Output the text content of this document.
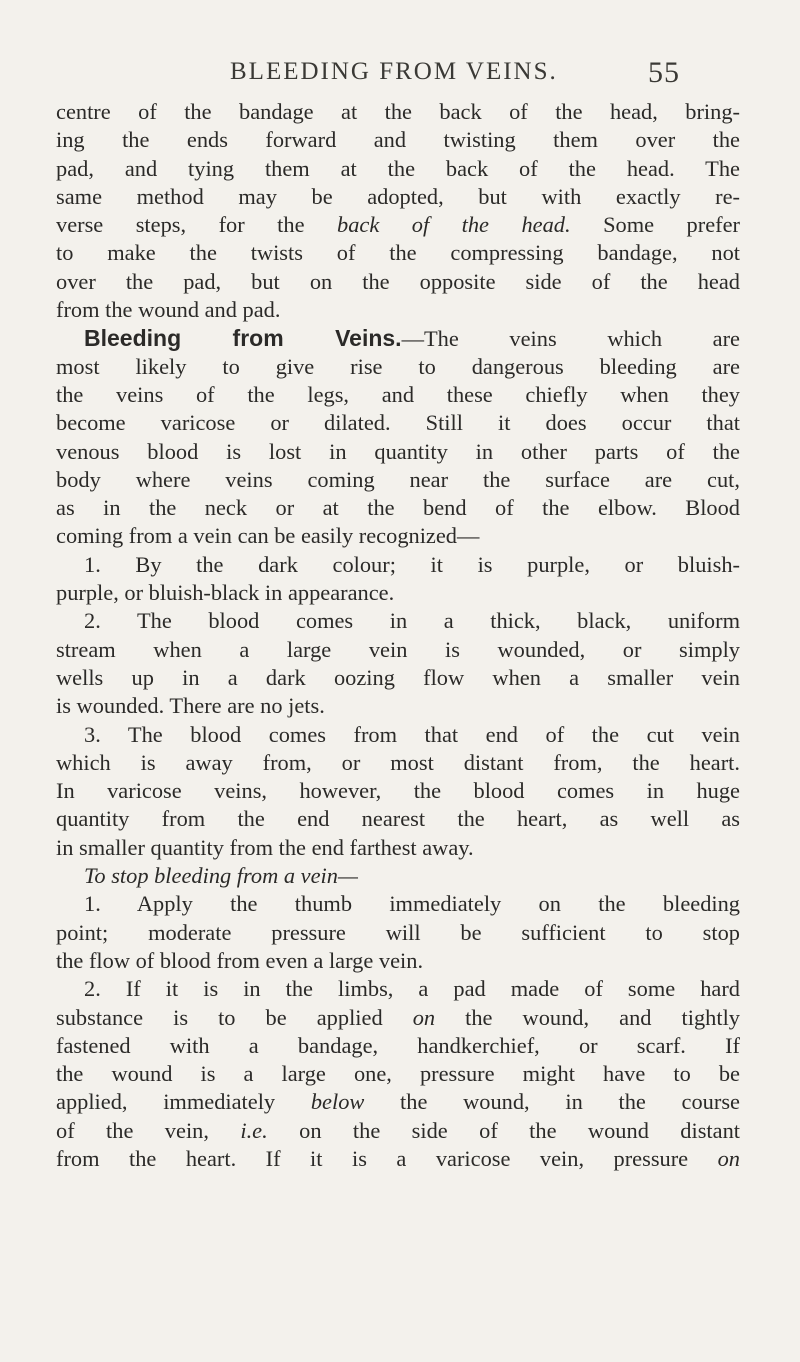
BLEEDING FROM VEINS.	55
centre of the bandage at the back of the head, bring-
ing the ends forward and twisting them over the
pad, and tying them at the back of the head. The
same method may be adopted, but with exactly re-
verse steps, for the back of the head. Some prefer
to make the twists of the compressing bandage, not
over the pad, but on the opposite side of the head
from the wound and pad.
Bleeding from Veins.—The veins which are
most likely to give rise to dangerous bleeding are
the veins of the legs, and these chiefly when they
become varicose or dilated. Still it does occur that
venous blood is lost in quantity in other parts of the
body where veins coming near the surface are cut,
as in the neck or at the bend of the elbow. Blood
coming from a vein can be easily recognized—
1. By the dark colour; it is purple, or bluish-
purple, or bluish-black in appearance.
2. The blood comes in a thick, black, uniform
stream when a large vein is wounded, or simply
wells up in a dark oozing flow when a smaller vein
is wounded. There are no jets.
3. The blood comes from that end of the cut vein
which is away from, or most distant from, the heart.
In varicose veins, however, the blood comes in huge
quantity from the end nearest the heart, as well as
in smaller quantity from the end farthest away.
To stop bleeding from a vein—
1. Apply the thumb immediately on the bleeding
point; moderate pressure will be sufficient to stop
the flow of blood from even a large vein.
2. If it is in the limbs, a pad made of some hard
substance is to be applied on the wound, and tightly
fastened with a bandage, handkerchief, or scarf. If
the wound is a large one, pressure might have to be
applied, immediately below the wound, in the course
of the vein, i.e. on the side of the wound distant
from the heart. If it is a varicose vein, pressure on
